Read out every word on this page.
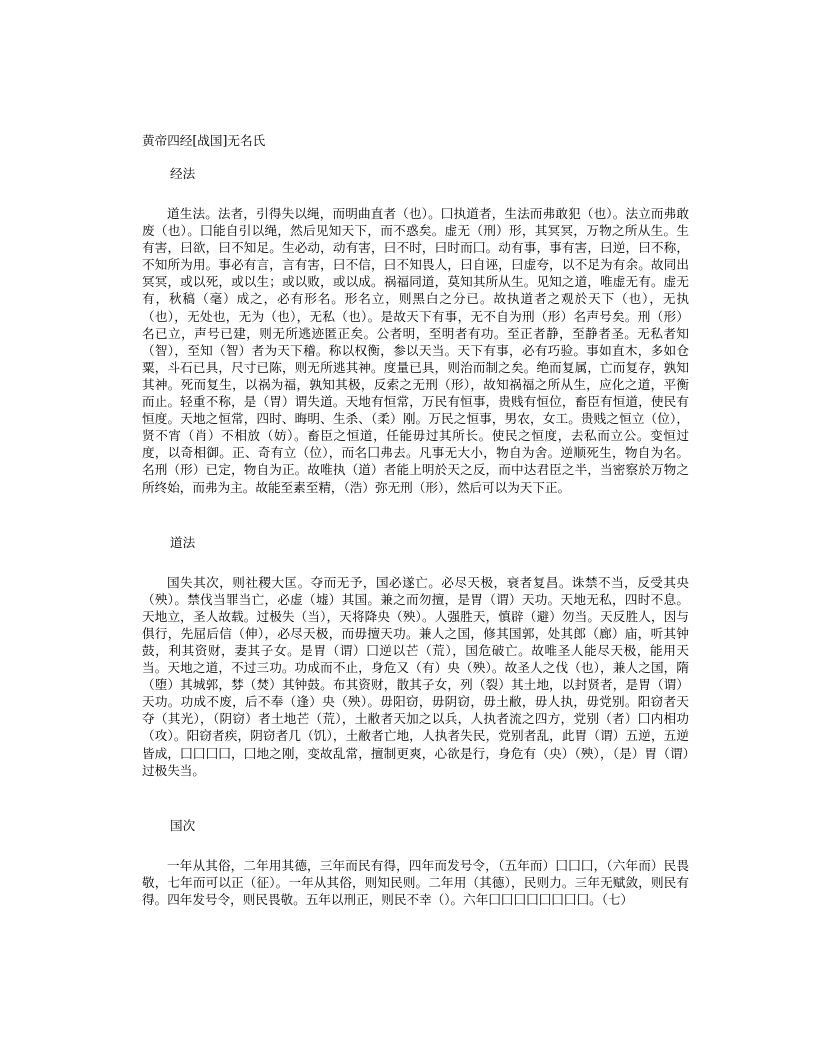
黄帝四经[战国]无名氏
经法
道生法。法者，引得失以绳，而明曲直者（也）。囗执道者，生法而弗敢犯（也）。法立而弗敢废（也）。囗能自引以绳，然后见知天下，而不惑矣。虚无（刑）形，其冥冥，万物之所从生。生有害，曰欲，曰不知足。生必动，动有害，曰不时，曰时而囗。动有事，事有害，曰逆，曰不称，不知所为用。事必有言，言有害，曰不信，曰不知畏人，曰自诬，曰虚夸，以不足为有余。故同出冥冥，或以死，或以生；或以败，或以成。祸福同道，莫知其所从生。见知之道，唯虚无有。虚无有，秋稿（毫）成之，必有形名。形名立，则黑白之分已。故执道者之观於天下（也），无执（也），无处也，无为（也），无私（也）。是故天下有事，无不自为刑（形）名声号矣。刑（形）名已立，声号已建，则无所逃迹匿正矣。公者明，至明者有功。至正者静，至静者圣。无私者知（智），至知（智）者为天下稽。称以权衡，参以天当。天下有事，必有巧验。事如直木，多如仓粟，斗石已具，尺寸已陈，则无所逃其神。度量已具，则治而制之矣。绝而复属，亡而复存，孰知其神。死而复生，以祸为福，孰知其极，反索之无刑（形），故知祸福之所从生，应化之道，平衡而止。轻重不称，是（胃）谓失道。天地有恒常，万民有恒事，贵贱有恒位，畜臣有恒道，使民有恒度。天地之恒常，四时、晦明、生杀、（柔）刚。万民之恒事，男农，女工。贵贱之恒立（位），贤不宵（肖）不相放（妨）。畜臣之恒道，任能毋过其所长。使民之恒度，去私而立公。变恒过度，以奇相御。正、奇有立（位），而名囗弗去。凡事无大小，物自为舍。逆顺死生，物自为名。名刑（形）已定，物自为正。故唯执（道）者能上明於天之反，而中达君臣之半，当密察於万物之所终始，而弗为主。故能至素至精，（浩）弥无刑（形），然后可以为天下正。
道法
国失其次，则社稷大匡。夺而无予，国必遂亡。必尽天极，衰者复昌。诛禁不当，反受其央（殃）。禁伐当罪当亡，必虚（墟）其国。兼之而勿擅，是胃（谓）天功。天地无私，四时不息。天地立，圣人故载。过极失（当），天将降央（殃）。人强胜天，慎辟（避）勿当。天反胜人，因与俱行，先屈后信（伸），必尽天极，而毋擅天功。兼人之国，修其国郭，处其郎（廊）庙，听其钟鼓，利其资财，妻其子女。是胃（谓）囗逆以芒（荒），国危破亡。故唯圣人能尽天极，能用天当。天地之道，不过三功。功成而不止，身危又（有）央（殃）。故圣人之伐（也），兼人之国，隋（堕）其城郭，棼（焚）其钟鼓。布其资财，散其子女，列（裂）其土地，以封贤者，是胃（谓）天功。功成不废，后不奉（逢）央（殃）。毋阳窃，毋阴窃，毋土敝，毋人执，毋党别。阳窃者天夺（其光），（阴窃）者土地芒（荒），土敝者天加之以兵，人执者流之四方，党别（者）囗内相功（攻）。阳窃者疾，阴窃者几（饥），土敝者亡地，人执者失民，党别者乱，此胃（谓）五逆，五逆皆成，囗囗囗囗，囗地之刚，变故乱常，擅制更爽，心欲是行，身危有（央）（殃），（是）胃（谓）过极失当。
国次
一年从其俗，二年用其德，三年而民有得，四年而发号令，（五年而）囗囗囗，（六年而）民畏敬，七年而可以正（征）。一年从其俗，则知民则。二年用（其德），民则力。三年无赋敛，则民有得。四年发号令，则民畏敬。五年以刑正，则民不幸（）。六年囗囗囗囗囗囗囗囗。（七）
